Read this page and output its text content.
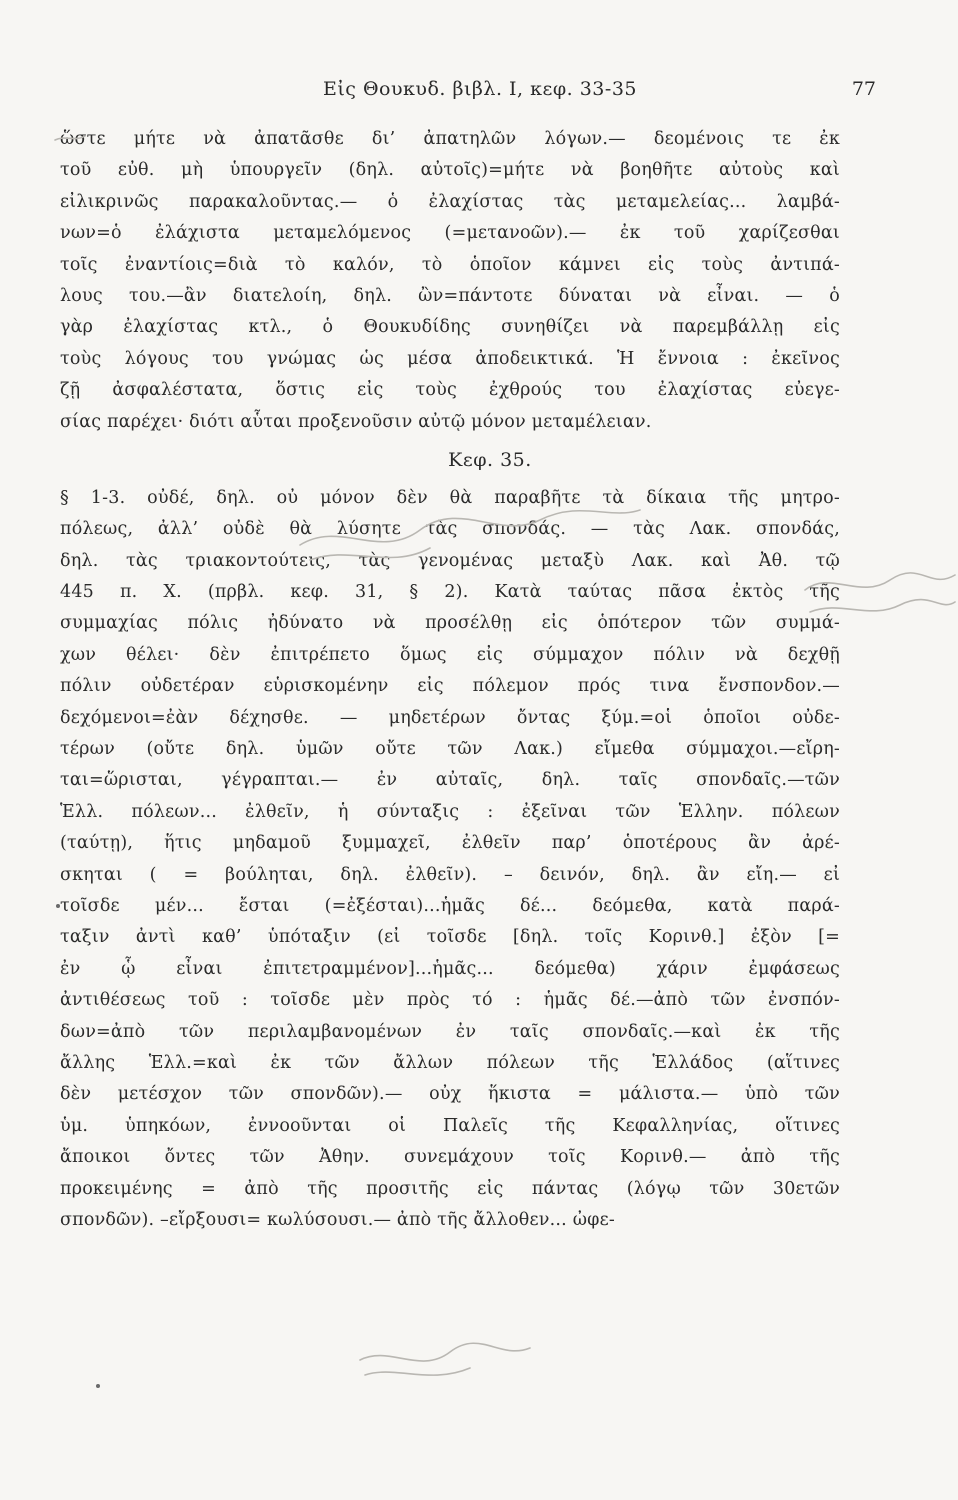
Εἰς Θουκυδ. βιβλ. Ι, κεφ. 33-35	77
ὥστε μήτε νὰ ἀπατᾶσθε δι’ ἀπατηλῶν λόγων.— δεομένοις τε ἐκ
τοῦ εὐθ. μὴ ὑπουργεῖν (δηλ. αὐτοῖς)=μήτε νὰ βοηθῆτε αὐτοὺς καὶ
εἰλικρινῶς παρακαλοῦντας.— ὁ ἐλαχίστας τὰς μεταμελείας... λαμβά-
νων=ὁ ἐλάχιστα μεταμελόμενος (=μετανοῶν).— ἐκ τοῦ χαρίζεσθαι
τοῖς ἐναντίοις=διὰ τὸ καλόν, τὸ ὁποῖον κάμνει εἰς τοὺς ἀντιπά-
λους του.—ἂν διατελοίη, δηλ. ὢν=πάντοτε δύναται νὰ εἶναι. — ὁ
γὰρ ἐλαχίστας κτλ., ὁ Θουκυδίδης συνηθίζει νὰ παρεμβάλλῃ εἰς
τοὺς λόγους του γνώμας ὡς μέσα ἀποδεικτικά. Ἡ ἔννοια : ἐκεῖνος
ζῇ ἀσφαλέστατα, ὅστις εἰς τοὺς ἐχθρούς του ἐλαχίστας εὐεγε-
σίας παρέχει· διότι αὗται προξενοῦσιν αὐτῷ μόνον μεταμέλειαν.
Κεφ. 35.
§ 1-3. οὐδέ, δηλ. οὐ μόνον δὲν θὰ παραβῆτε τὰ δίκαια τῆς μητρο-
πόλεως, ἀλλ’ οὐδὲ θὰ λύσητε τὰς σπονδάς. — τὰς Λακ. σπονδάς,
δηλ. τὰς τριακοντούτεις, τὰς γενομένας μεταξὺ Λακ. καὶ Ἀθ. τῷ
445 π. Χ. (πρβλ. κεφ. 31, § 2). Κατὰ ταύτας πᾶσα ἐκτὸς τῆς
συμμαχίας πόλις ἠδύνατο νὰ προσέλθῃ εἰς ὁπότερον τῶν συμμά-
χων θέλει· δὲν ἐπιτρέπετο ὅμως εἰς σύμμαχον πόλιν νὰ δεχθῇ
πόλιν οὐδετέραν εὑρισκομένην εἰς πόλεμον πρός τινα ἔνσπονδον.—
δεχόμενοι=ἐὰν δέχησθε. — μηδετέρων ὄντας ξύμ.=οἱ ὁποῖοι οὐδε-
τέρων (οὔτε δηλ. ὑμῶν οὔτε τῶν Λακ.) εἴμεθα σύμμαχοι.—εἴρη-
ται=ὥρισται, γέγραπται.— ἐν αὐταῖς, δηλ. ταῖς σπονδαῖς.—τῶν
Ἑλλ. πόλεων... ἐλθεῖν, ἡ σύνταξις : ἐξεῖναι τῶν Ἑλλην. πόλεων
(ταύτῃ), ἥτις μηδαμοῦ ξυμμαχεῖ, ἐλθεῖν παρ’ ὁποτέρους ἂν ἀρέ-
σκηται ( = βούληται, δηλ. ἐλθεῖν). – δεινόν, δηλ. ἂν εἴη.— εἰ
τοῖσδε μέν... ἔσται (=ἐξέσται)...ἡμᾶς δέ... δεόμεθα, κατὰ παρά-
ταξιν ἀντὶ καθ’ ὑπόταξιν (εἰ τοῖσδε [δηλ. τοῖς Κορινθ.] ἐξὸν [=
ἐν ᾧ εἶναι ἐπιτετραμμένον]...ἡμᾶς... δεόμεθα) χάριν ἐμφάσεως
ἀντιθέσεως τοῦ : τοῖσδε μὲν πρὸς τό : ἡμᾶς δέ.—ἀπὸ τῶν ἐνσπόν-
δων=ἀπὸ τῶν περιλαμβανομένων ἐν ταῖς σπονδαῖς.—καὶ ἐκ τῆς
ἄλλης Ἑλλ.=καὶ ἐκ τῶν ἄλλων πόλεων τῆς Ἑλλάδος (αἵτινες
δὲν μετέσχον τῶν σπονδῶν).— οὐχ ἥκιστα = μάλιστα.— ὑπὸ τῶν
ὑμ. ὑπηκόων, ἐννοοῦνται οἱ Παλεῖς τῆς Κεφαλληνίας, οἵτινες
ἄποικοι ὄντες τῶν Ἀθην. συνεμάχουν τοῖς Κορινθ.— ἀπὸ τῆς
προκειμένης = ἀπὸ τῆς προσιτῆς εἰς πάντας (λόγῳ τῶν 30ετῶν
σπονδῶν). –εἴρξουσι= κωλύσουσι.— ἀπὸ τῆς ἄλλοθεν... ὠφε-
